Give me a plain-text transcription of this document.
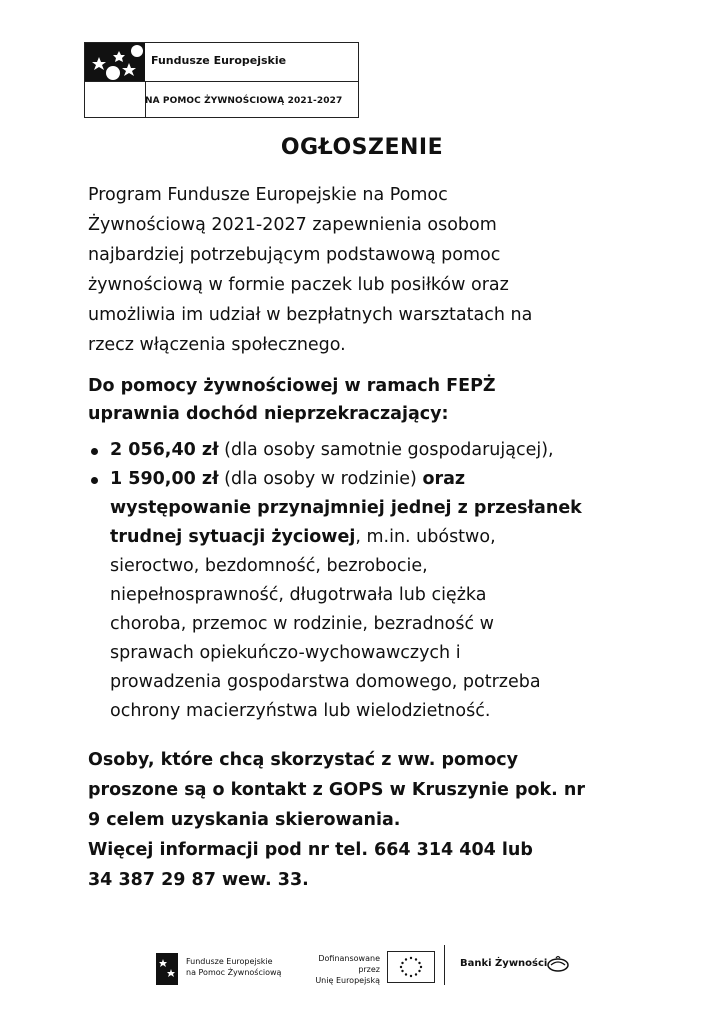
Fundusze Europejskie
NA POMOC ŻYWNOŚCIOWĄ 2021-2027
OGŁOSZENIE

Program Fundusze Europejskie na Pomoc
Żywnościową 2021-2027 zapewnienia osobom
najbardziej potrzebującym podstawową pomoc
żywnościową w formie paczek lub posiłków oraz
umożliwia im udział w bezpłatnych warsztatach na
rzecz włączenia społecznego.

Do pomocy żywnościowej w ramach FEPŻ
uprawnia dochód nieprzekraczający:

2 056,40 zł (dla osoby samotnie gospodarującej),
1 590,00 zł (dla osoby w rodzinie) oraz
występowanie przynajmniej jednej z przesłanek
trudnej sytuacji życiowej, m.in. ubóstwo,
sieroctwo, bezdomność, bezrobocie,
niepełnosprawność, długotrwała lub ciężka
choroba, przemoc w rodzinie, bezradność w
sprawach opiekuńczo-wychowawczych i
prowadzenia gospodarstwa domowego, potrzeba
ochrony macierzyństwa lub wielodzietność.

Osoby, które chcą skorzystać z ww. pomocy
proszone są o kontakt z GOPS w Kruszynie pok. nr
9 celem uzyskania skierowania.
Więcej informacji pod nr tel. 664 314 404 lub
34 387 29 87 wew. 33.

Fundusze Europejskie
na Pomoc Żywnościową
Dofinansowane przez
Unię Europejską
Banki Żywności
